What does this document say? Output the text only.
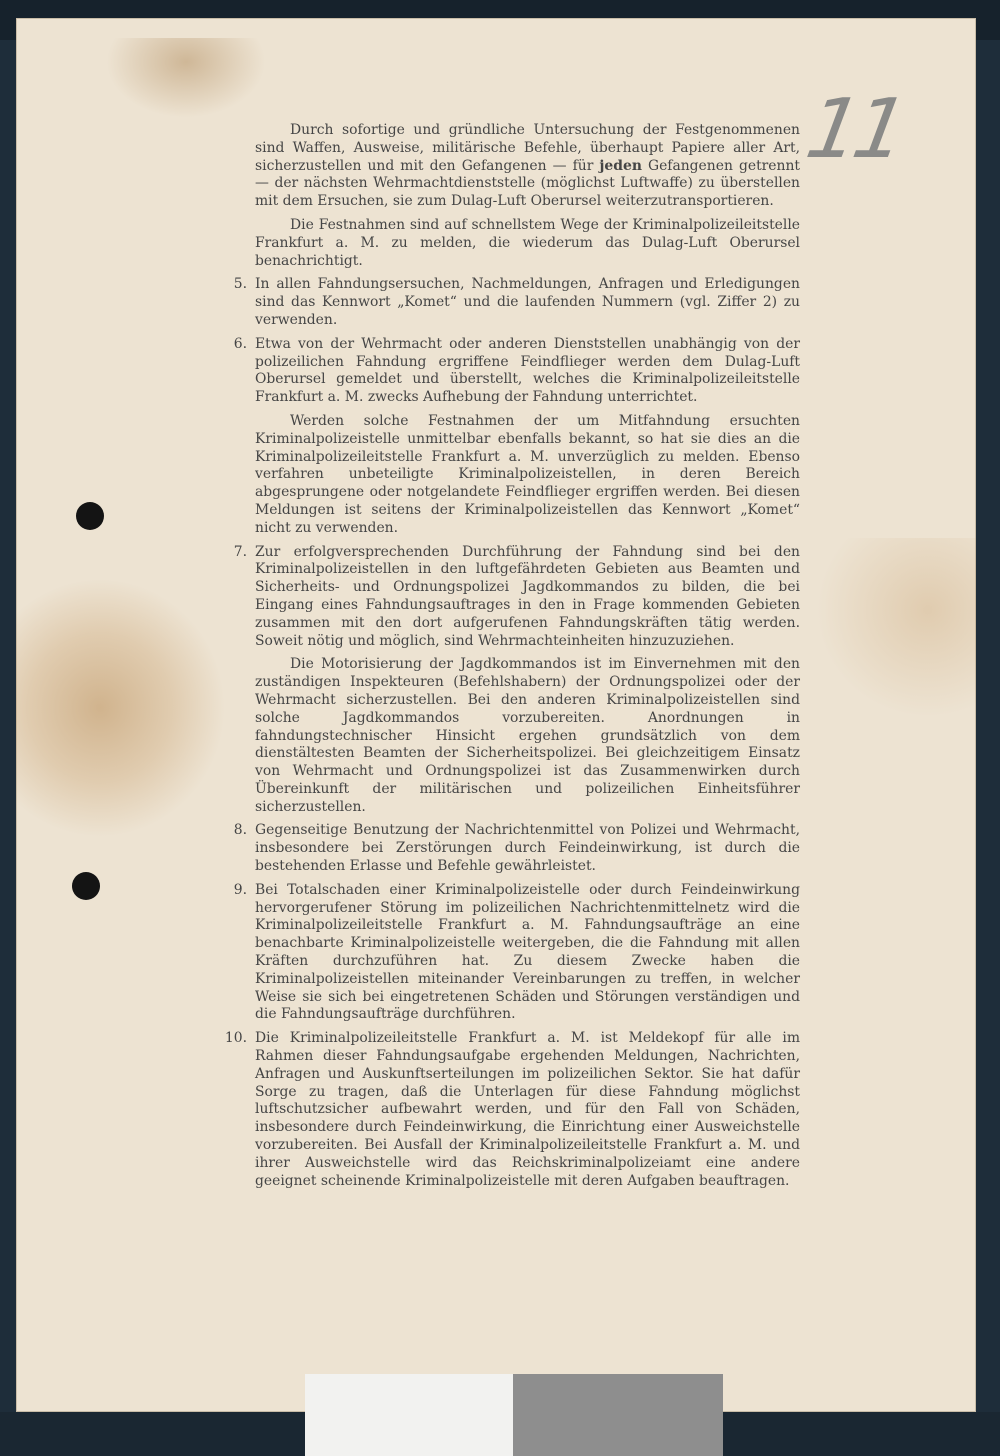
11

Durch sofortige und gründliche Untersuchung der Festgenommenen sind Waffen, Ausweise, militärische Befehle, überhaupt Papiere aller Art, sicherzustellen und mit den Gefangenen — für jeden Gefangenen getrennt — der nächsten Wehrmachtdienststelle (möglichst Luftwaffe) zu überstellen mit dem Ersuchen, sie zum Dulag-Luft Oberursel weiterzutransportieren.

Die Festnahmen sind auf schnellstem Wege der Kriminalpolizeileitstelle Frankfurt a. M. zu melden, die wiederum das Dulag-Luft Oberursel benachrichtigt.

5. In allen Fahndungsersuchen, Nachmeldungen, Anfragen und Erledigungen sind das Kennwort „Komet“ und die laufenden Nummern (vgl. Ziffer 2) zu verwenden.
6. Etwa von der Wehrmacht oder anderen Dienststellen unabhängig von der polizeilichen Fahndung ergriffene Feindflieger werden dem Dulag-Luft Oberursel gemeldet und überstellt, welches die Kriminalpolizeileitstelle Frankfurt a. M. zwecks Aufhebung der Fahndung unterrichtet.

Werden solche Festnahmen der um Mitfahndung ersuchten Kriminalpolizeistelle unmittelbar ebenfalls bekannt, so hat sie dies an die Kriminalpolizeileitstelle Frankfurt a. M. unverzüglich zu melden. Ebenso verfahren unbeteiligte Kriminalpolizeistellen, in deren Bereich abgesprungene oder notgelandete Feindflieger ergriffen werden. Bei diesen Meldungen ist seitens der Kriminalpolizeistellen das Kennwort „Komet“ nicht zu verwenden.

7. Zur erfolgversprechenden Durchführung der Fahndung sind bei den Kriminalpolizeistellen in den luftgefährdeten Gebieten aus Beamten und Sicherheits- und Ordnungspolizei Jagdkommandos zu bilden, die bei Eingang eines Fahndungsauftrages in den in Frage kommenden Gebieten zusammen mit den dort aufgerufenen Fahndungskräften tätig werden. Soweit nötig und möglich, sind Wehrmachteinheiten hinzuzuziehen.

Die Motorisierung der Jagdkommandos ist im Einvernehmen mit den zuständigen Inspekteuren (Befehlshabern) der Ordnungspolizei oder der Wehrmacht sicherzustellen. Bei den anderen Kriminalpolizeistellen sind solche Jagdkommandos vorzubereiten. Anordnungen in fahndungstechnischer Hinsicht ergehen grundsätzlich von dem dienstältesten Beamten der Sicherheitspolizei. Bei gleichzeitigem Einsatz von Wehrmacht und Ordnungspolizei ist das Zusammenwirken durch Übereinkunft der militärischen und polizeilichen Einheitsführer sicherzustellen.

8. Gegenseitige Benutzung der Nachrichtenmittel von Polizei und Wehrmacht, insbesondere bei Zerstörungen durch Feindeinwirkung, ist durch die bestehenden Erlasse und Befehle gewährleistet.
9. Bei Totalschaden einer Kriminalpolizeistelle oder durch Feindeinwirkung hervorgerufener Störung im polizeilichen Nachrichtenmittelnetz wird die Kriminalpolizeileitstelle Frankfurt a. M. Fahndungsaufträge an eine benachbarte Kriminalpolizeistelle weitergeben, die die Fahndung mit allen Kräften durchzuführen hat. Zu diesem Zwecke haben die Kriminalpolizeistellen miteinander Vereinbarungen zu treffen, in welcher Weise sie sich bei eingetretenen Schäden und Störungen verständigen und die Fahndungsaufträge durchführen.
10. Die Kriminalpolizeileitstelle Frankfurt a. M. ist Meldekopf für alle im Rahmen dieser Fahndungsaufgabe ergehenden Meldungen, Nachrichten, Anfragen und Auskunftserteilungen im polizeilichen Sektor. Sie hat dafür Sorge zu tragen, daß die Unterlagen für diese Fahndung möglichst luftschutzsicher aufbewahrt werden, und für den Fall von Schäden, insbesondere durch Feindeinwirkung, die Einrichtung einer Ausweichstelle vorzubereiten. Bei Ausfall der Kriminalpolizeileitstelle Frankfurt a. M. und ihrer Ausweichstelle wird das Reichskriminalpolizeiamt eine andere geeignet scheinende Kriminalpolizeistelle mit deren Aufgaben beauftragen.
